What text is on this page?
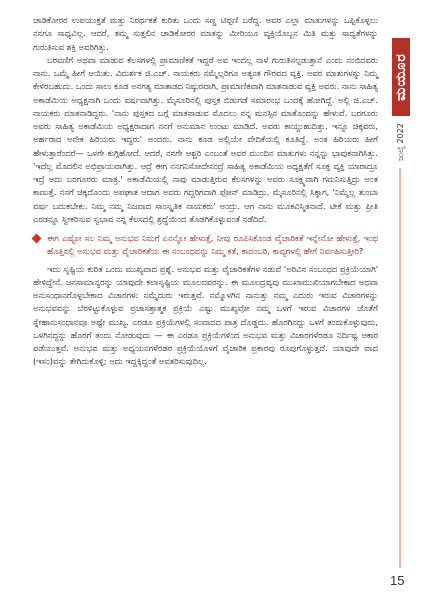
ಚಾಡಿಕೋರರ ಉಪಯುಕ್ತತೆ ಮತ್ತು ನಿರರ್ಥಕತೆ ಕುರಿತು ಒಂದು ಸಣ್ಣ ಟಿಪ್ಪಣಿ ಬರೆದ್ದ. ಅವರ ಎಲ್ಲಾ ಮಾತುಗಳನ್ನು ಒಪ್ಪಿಕೊಳ್ಳಲು ನನಗೂ ಸಾಧ್ಯವಿಲ್ಲ. ಆದರೆ, ತಮ್ಮ ಸುತ್ತಲಿನ ಚಾಡಿಕೋರರ ಮಾತನ್ನು ಮೀರಿಯೂ ವ್ಯಕ್ತಿಯೊಬ್ಬನ ಮಿತಿ ಮತ್ತು ಸಾಧ್ಯತೆಗಳನ್ನು ಗುರುತಿಸುವ ಶಕ್ತಿ ಅವರಿಗಿತ್ತು.

ಬರವಣಿಗೆ ಅಥವಾ ಮಾಡುವ ಕೆಲಸಗಳಲ್ಲಿ ಪ್ರಾಮಾಣಿಕತೆ ಇದ್ದರೆ ಅವ ಇಂದಲ್ಲ ನಾಳೆ ಗುರುತಿಸಲ್ಪಡುತ್ತಾನೆ ಎಂದು ನಂಬಿದವರು ನಾನು. ಒಮ್ಮೆ ಹೀಗೆ ಆಯಿತು. ವಿಮರ್ಶಕ ಜಿ.ಎಚ್. ನಾಯಕರು ನಮ್ಮೆಲ್ಲರಿಗೂ ಅತ್ಯಂತ ಗೌರವದ ವ್ಯಕ್ತಿ. ಅವರ ಮಾತುಗಳನ್ನು ನಿಮ್ಮ ಕೇಳಿರಬಹುದು. ಒಂದು ಸಾಲು ಕೂಡ ಅನಗತ್ಯ ಮಾತಾಡದ ನಿಷ್ಠುರವಾಗಿ, ಪ್ರಾಮಾಣಿಕವಾಗಿ ಮಾತನಾಡುವ ವ್ಯಕ್ತಿ ಅವರು. ನಾನು ಸಾಹಿತ್ಯ ಅಕಾಡೆಮಿಯ ಅಧ್ಯಕ್ಷನಾಗಿ ಒಂದು ವರ್ಷವಾಗಿತ್ತು. ಮೈಸೂರಿನಲ್ಲಿ ಪುಸ್ತಕ ಬಿಡುಗಡೆ ಸಮಾರಂಭ ಒಂದಕ್ಕೆ ಹೋಗಿದ್ದೆ. ಅಲ್ಲಿ ಜಿ.ಎಚ್. ನಾಯಕರು ಮಾತನಾಡಿದ್ದರು. 'ನಾನು ಪುಸ್ತಕದ ಬಗ್ಗೆ ಮಾತನಾಡುವ ಮೊದಲು ನನ್ನ ಮನಸ್ಸಿನ ಮಾತೊಂದನ್ನು ಹೇಳುವೆ. ಬರಗೂರು ಅವರು ಸಾಹಿತ್ಯ ಅಕಾಡೆಮಿಯ ಅಧ್ಯಕ್ಷರಾದಾಗ ನನಗೆ ಅನುಮಾನ ಉಂಟು ಮಾಡಿದೆ. ಅವರು ಕಾಯ್ದುಹುದಿತ್ತು. ಇನ್ನೂ ಚಿಕ್ಕವರು, ಅರ್ಹರಾದ ಅನೇಕ ಹಿರಿಯರು ಇದ್ದರು' ಅಂದರು. ನಾನು ಕೂಡ ಅಲ್ಲಿಯೇ ವೇದಿಕೆಯಲ್ಲಿ ಕೂತಿದ್ದೆ. ಅಂತ ಹಿರಿಯರು ಹೀಗೆ ಹೇಳುತ್ತಾರೆಂದರೆ— ಒಳಗೇ ಕುಗ್ಗಿಹೋದೆ. ಆದರೆ, ನನಗೇ ಆಶ್ಚರಿ ಎಂಬಂತೆ ಅವರ ಮುಂದಿನ ಮಾತುಗಳು ನನ್ನನ್ನು ಭಾವುಕನಾಗಿಸಿತ್ತು. 'ಇದೆಲ್ಲ ಮೊದಲಿನ ಅಭಿಪ್ರಾಯವಾಗಿತ್ತು. ಆದ್ರೆ ಈಗ ನನಗನಿಸೋದೇನಂದ್ರೆ ಸಾಹಿತ್ಯ ಅಕಾಡೆಮಿಯ ಅಧ್ಯಕ್ಷತೆಗೆ ಸೂಕ್ತ ವ್ಯಕ್ತಿ ಯಾರಾದ್ರೂ ಇದ್ರೆ ಅದು ಬರಗೂರರು ಮಾತ್ರ.' ಅಕಾಡೆಮಿಯಲ್ಲಿ ನಾವು ಮಾಡುತ್ತಿರುವ ಕೆಲಸಗಳನ್ನು ಅವರು ಸೂಕ್ಷ್ಮವಾಗಿ ಗಮನಿಸುತ್ತಿದ್ರು ಅಂತ ಕಾಣುತ್ತೆ. ನನಗೆ ಚಿಕ್ಕದೊಂದು ಅಪಘಾತ ಆದಾಗ ಅವರು ಗದ್ದರಿಗದಾಗಿ ಫೋನ್ ಮಾಡಿದ್ರು. ಮೈಸೂರಿನಲ್ಲಿ ಸಿಕ್ಕಾಗ, 'ನಿಮ್ಮೆಲ್ಲ ತುಂಬಾ ವರ್ಷ ಬದುಕಬೇಕು. ನಿಮ್ಮ ನಮ್ಮ ನಿಜವಾದ ಸಾಂಸ್ಕೃತಿಕ ನಾಯಕರು' ಅಂದ್ರು. ಆಗ ನಾನು ಮೂಕವಿಸ್ಮಿತನಾದೆ. ಟೀಕೆ ಮತ್ತು ಪ್ರೀತಿ ಎರಡನ್ನೂ ಸ್ವೀಕರಿಸುವ ಸ್ವಭಾವ ನನ್ನ ಕೆಲಸದಲ್ಲಿ ಶ್ರದ್ಧೆಯಿಂದ ತೊಡಗಿಕೊಳ್ಳುವಂತೆ ನಡೆದಿದೆ.

ಈಗ ಎಷ್ಟೋ ಸಲ ನಿಮ್ಮ ಅನುಭವ ನಿಮಗೆ ಏನನ್ನೋ ಹೇಳುತ್ತೆ, ನೀವು ರೂಪಿಸಿಕೊಂಡ ವೈಚಾರಿಕತೆ ಇನ್ನೇನೋ ಹೇಳುತ್ತೆ, ಇಂಥ ಹೊತ್ತಿನಲ್ಲಿ ಅನುಭವ ಮತ್ತು ವೈಚಾರಿಕತೆಯ ಈ ಸಂಬಂಧವನ್ನು ನಿಮ್ಮ ಕತೆ, ಕಾದಂಬರಿ, ಕಾವ್ಯಗಳಲ್ಲಿ ಹೇಗೆ ನಿರ್ವಹಿಸುತ್ತೀರಿ?

ಇದು ಸೃಷ್ಟಿಯ ಕುರಿತ ಒಂದು ಮುಖ್ಯವಾದ ಪ್ರಶ್ನೆ. ಅನುಭವ ಮತ್ತು ವೈಚಾರಿಕತೆಗಳ ನಡುವೆ 'ಅರಿವಿನ ಸಂಬಂಧದ ಪ್ರಕ್ರಿಯೆಯಾಗಿ' ಹೇಳಿದ್ದೇನೆ. ಜನಸಾಮಾನ್ಯರನ್ನು ಯಾವುದೇ ಕಲಾಸೃಷ್ಟಿಯ ಮೂಲದವರನ್ನು. ಈ ಮೂಲದ್ರವ್ಯವು ಮುಖಾಮುಖಿಯಾಗಬೇಕಾದ ಅಥವಾ ಅನುಸಂಧಾನಗೊಳ್ಳಬೇಕಾದ ವಿಚಾರಗಳು ನಮ್ಮೆದುರು ಇರುತ್ತವೆ. ನಮ್ಮೊಳಗಿನ ನಾನುತ್ತು ನಮ್ಮ ಎದುರು ಇರುವ ವಿಚಾರಗಳನ್ನು ಅನುಭವವನ್ನು ಬೆರಳಿಟ್ಟುಕೊಳ್ಳುವ ಪ್ರಜಾಸತ್ತಾತ್ಮಕ ಪ್ರಕ್ರಿಯೆ ಎಷ್ಟು ಮುಖ್ಯವೋ ನಮ್ಮ ಒಳಗೆ ಇರುವ ವಿಚಾರಗಳ ಜೊತೆಗೆ ಸ್ನೇಹಾನುಸಂಧಾನವೂ ಅಷ್ಟೇ ಮುಖ್ಯ. ಎರಡೂ ಪ್ರಕ್ರಿಯೆಗಳಲ್ಲಿ ಸಂವಾದದ ಪಾತ್ರ ದೊಡ್ಡದು. ಹೊರಗಿನದ್ದು ಒಳಗೆ ತಂದುಕೊಳ್ಳುವುದು, ಒಳಗಿನದ್ದನ್ನು ಹೊರಗೆ ತಂದು ನೋಡುವುದು — ಈ ಎರಡೂ ಪ್ರಕ್ರಿಯೆಗಳಿಂದ ಅನುಭವ ಮತ್ತು ವಿಚಾರಗಳೆರಡೂ ನಿರ್ದಿಷ್ಟ ಆಕಾರ ಪಡೆಯುತ್ತವೆ. ಅನುಭವ ಮತ್ತು ಅಧ್ಯಯನಗಳೆರಡರ ಪ್ರಕ್ರಿಯೆಯೊಳಗೆ ವೈಚಾರಿಕ ಪ್ರಕಾರವು ರೂಪುಗೊಳ್ಳುತ್ತದೆ. ಯಾವುದೇ ವಾದ (ಇಸಂ)ವನ್ನು ತೇಗಿದುಕೊಳ್ಳಿ; ಅದು ಇದ್ದಕ್ಕಿದ್ದಂತೆ ಅವತರಿಸುವುದಿಲ್ಲ.

ಮಯೂರ
ಜುಲೈ 2022
15
